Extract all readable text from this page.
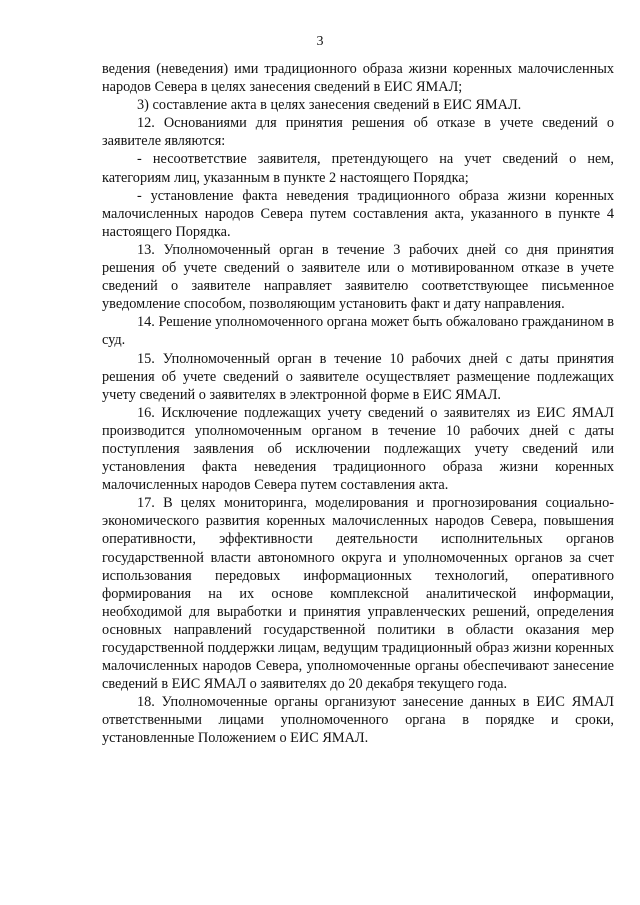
3

ведения (неведения) ими традиционного образа жизни коренных малочисленных народов Севера в целях занесения сведений в ЕИС ЯМАЛ;

3) составление акта в целях занесения сведений в ЕИС ЯМАЛ.

12. Основаниями для принятия решения об отказе в учете сведений о заявителе являются:

- несоответствие заявителя, претендующего на учет сведений о нем, категориям лиц, указанным в пункте 2 настоящего Порядка;

- установление факта неведения традиционного образа жизни коренных малочисленных народов Севера путем составления акта, указанного в пункте 4 настоящего Порядка.

13. Уполномоченный орган в течение 3 рабочих дней со дня принятия решения об учете сведений о заявителе или о мотивированном отказе в учете сведений о заявителе направляет заявителю соответствующее письменное уведомление способом, позволяющим установить факт и дату направления.

14. Решение уполномоченного органа может быть обжаловано гражданином в суд.

15. Уполномоченный орган в течение 10 рабочих дней с даты принятия решения об учете сведений о заявителе осуществляет размещение подлежащих учету сведений о заявителях в электронной форме в ЕИС ЯМАЛ.

16. Исключение подлежащих учету сведений о заявителях из ЕИС ЯМАЛ производится уполномоченным органом в течение 10 рабочих дней с даты поступления заявления об исключении подлежащих учету сведений или установления факта неведения традиционного образа жизни коренных малочисленных народов Севера путем составления акта.

17. В целях мониторинга, моделирования и прогнозирования социально-экономического развития коренных малочисленных народов Севера, повышения оперативности, эффективности деятельности исполнительных органов государственной власти автономного округа и уполномоченных органов за счет использования передовых информационных технологий, оперативного формирования на их основе комплексной аналитической информации, необходимой для выработки и принятия управленческих решений, определения основных направлений государственной политики в области оказания мер государственной поддержки лицам, ведущим традиционный образ жизни коренных малочисленных народов Севера, уполномоченные органы обеспечивают занесение сведений в ЕИС ЯМАЛ о заявителях до 20 декабря текущего года.

18. Уполномоченные органы организуют занесение данных в ЕИС ЯМАЛ ответственными лицами уполномоченного органа в порядке и сроки, установленные Положением о ЕИС ЯМАЛ.
